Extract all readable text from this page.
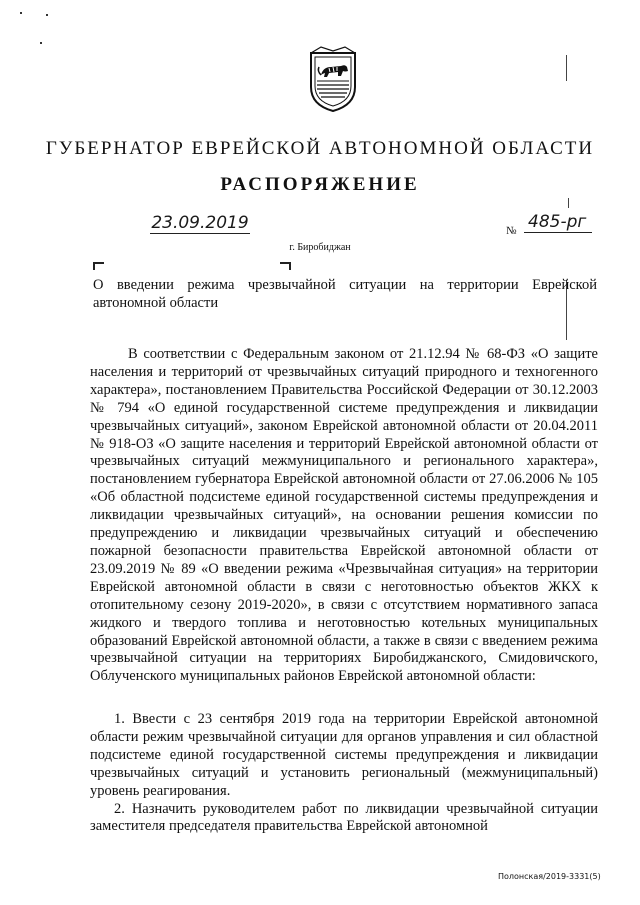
ГУБЕРНАТОР ЕВРЕЙСКОЙ АВТОНОМНОЙ ОБЛАСТИ
РАСПОРЯЖЕНИЕ
23.09.2019	№ 485-рг
г. Биробиджан
О введении режима чрезвычайной ситуации на территории Еврейской автономной области
В соответствии с Федеральным законом от 21.12.94 № 68-ФЗ «О защите населения и территорий от чрезвычайных ситуаций природного и техногенного характера», постановлением Правительства Российской Федерации от 30.12.2003 № 794 «О единой государственной системе предупреждения и ликвидации чрезвычайных ситуаций», законом Еврейской автономной области от 20.04.2011 № 918-ОЗ «О защите населения и территорий Еврейской автономной области от чрезвычайных ситуаций межмуниципального и регионального характера», постановлением губернатора Еврейской автономной области от 27.06.2006 № 105 «Об областной подсистеме единой государственной системы предупреждения и ликвидации чрезвычайных ситуаций», на основании решения комиссии по предупреждению и ликвидации чрезвычайных ситуаций и обеспечению пожарной безопасности правительства Еврейской автономной области от 23.09.2019 № 89 «О введении режима «Чрезвычайная ситуация» на территории Еврейской автономной области в связи с неготовностью объектов ЖКХ к отопительному сезону 2019-2020», в связи с отсутствием нормативного запаса жидкого и твердого топлива и неготовностью котельных муниципальных образований Еврейской автономной области, а также в связи с введением режима чрезвычайной ситуации на территориях Биробиджанского, Смидовичского, Облученского муниципальных районов Еврейской автономной области:

1. Ввести с 23 сентября 2019 года на территории Еврейской автономной области режим чрезвычайной ситуации для органов управления и сил областной подсистеме единой государственной системы предупреждения и ликвидации чрезвычайных ситуаций и установить региональный (межмуниципальный) уровень реагирования.

2. Назначить руководителем работ по ликвидации чрезвычайной ситуации заместителя председателя правительства Еврейской автономной

Полонская/2019-3331(5)
